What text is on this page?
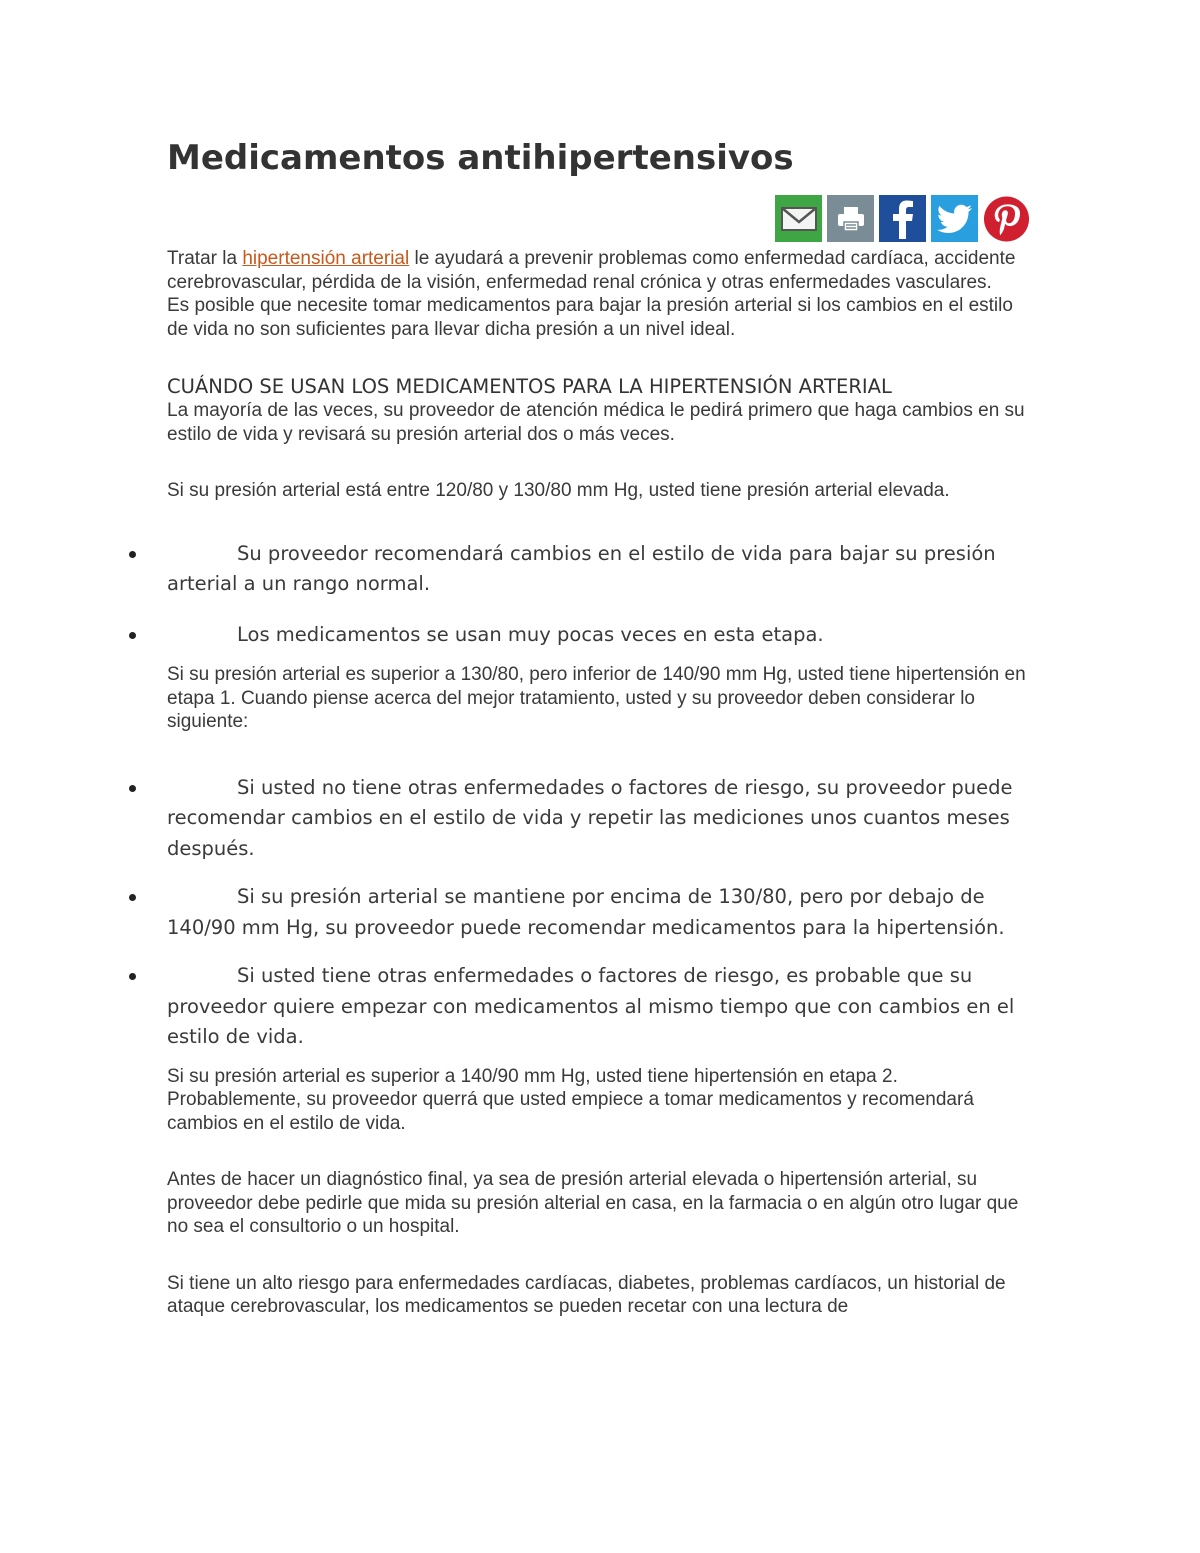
Medicamentos antihipertensivos

Tratar la hipertensión arterial le ayudará a prevenir problemas como enfermedad cardíaca, accidente cerebrovascular, pérdida de la visión, enfermedad renal crónica y otras enfermedades vasculares.

Es posible que necesite tomar medicamentos para bajar la presión arterial si los cambios en el estilo de vida no son suficientes para llevar dicha presión a un nivel ideal.

CUÁNDO SE USAN LOS MEDICAMENTOS PARA LA HIPERTENSIÓN ARTERIAL

La mayoría de las veces, su proveedor de atención médica le pedirá primero que haga cambios en su estilo de vida y revisará su presión arterial dos o más veces.

Si su presión arterial está entre 120/80 y 130/80 mm Hg, usted tiene presión arterial elevada.

Su proveedor recomendará cambios en el estilo de vida para bajar su presión arterial a un rango normal.
Los medicamentos se usan muy pocas veces en esta etapa.

Si su presión arterial es superior a 130/80, pero inferior de 140/90 mm Hg, usted tiene hipertensión en etapa 1. Cuando piense acerca del mejor tratamiento, usted y su proveedor deben considerar lo siguiente:

Si usted no tiene otras enfermedades o factores de riesgo, su proveedor puede recomendar cambios en el estilo de vida y repetir las mediciones unos cuantos meses después.
Si su presión arterial se mantiene por encima de 130/80, pero por debajo de 140/90 mm Hg, su proveedor puede recomendar medicamentos para la hipertensión.
Si usted tiene otras enfermedades o factores de riesgo, es probable que su proveedor quiere empezar con medicamentos al mismo tiempo que con cambios en el estilo de vida.

Si su presión arterial es superior a 140/90 mm Hg, usted tiene hipertensión en etapa 2. Probablemente, su proveedor querrá que usted empiece a tomar medicamentos y recomendará cambios en el estilo de vida.

Antes de hacer un diagnóstico final, ya sea de presión arterial elevada o hipertensión arterial, su proveedor debe pedirle que mida su presión alterial en casa, en la farmacia o en algún otro lugar que no sea el consultorio o un hospital.

Si tiene un alto riesgo para enfermedades cardíacas, diabetes, problemas cardíacos, un historial de ataque cerebrovascular, los medicamentos se pueden recetar con una lectura de
